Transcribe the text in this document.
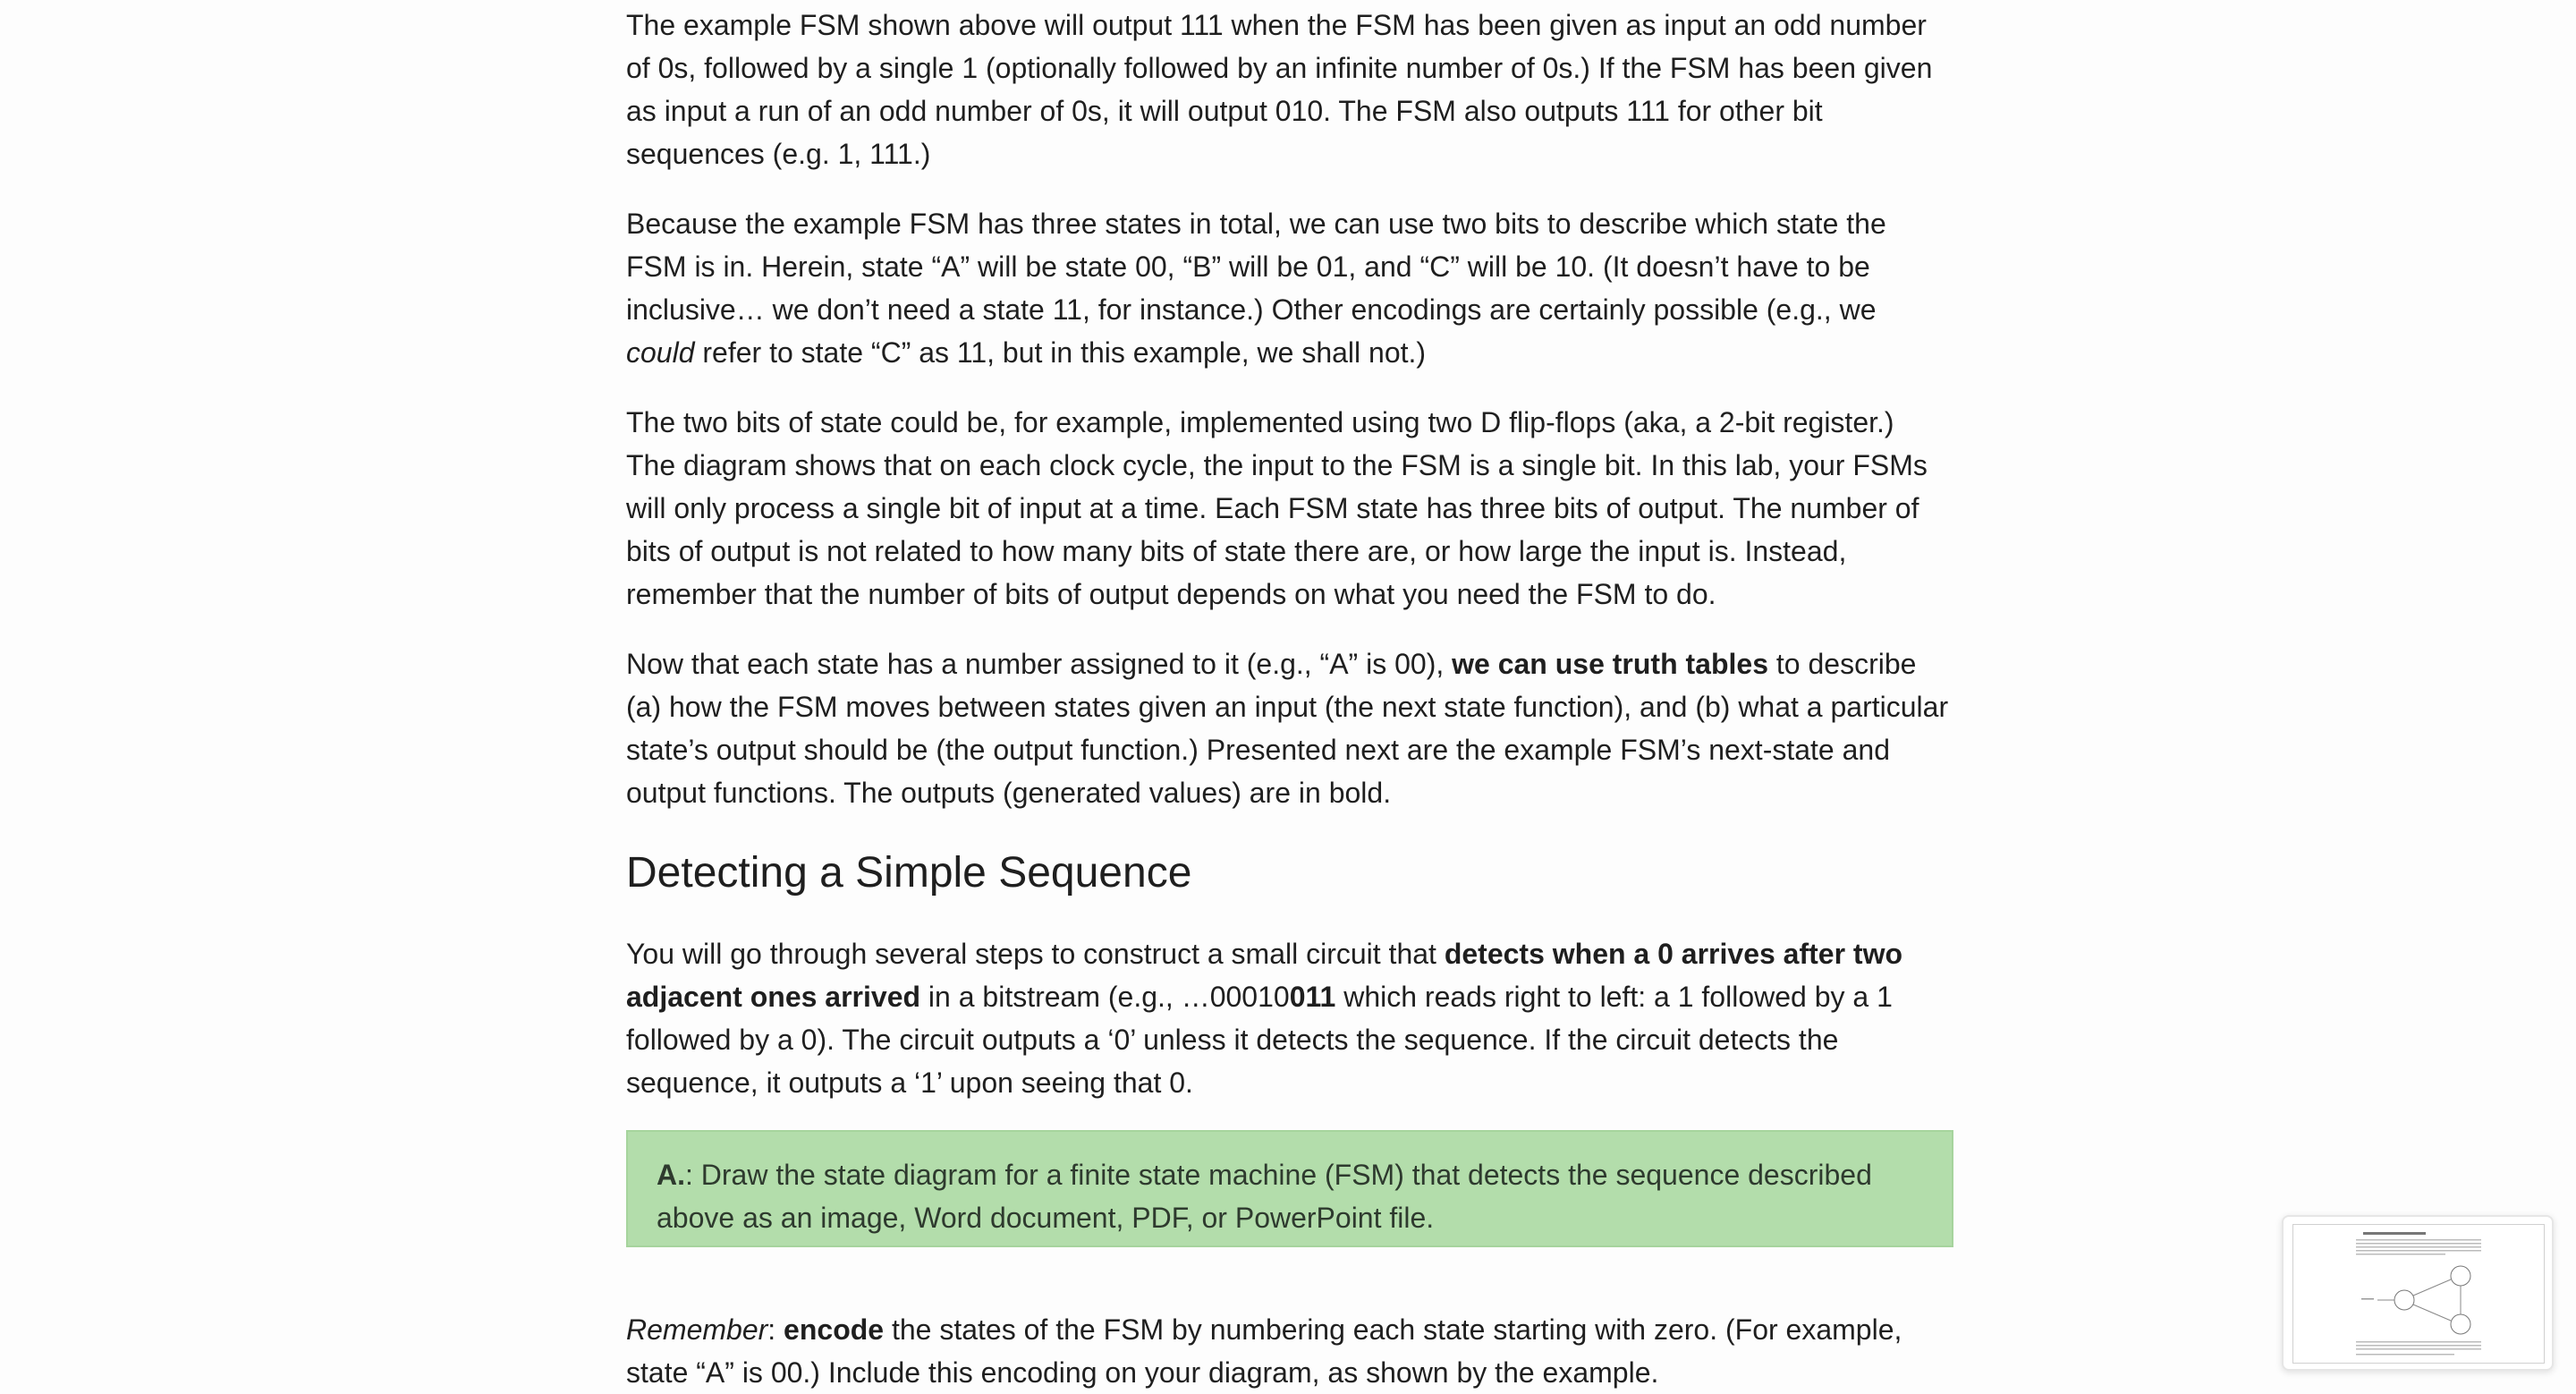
The example FSM shown above will output 111 when the FSM has been given as input an odd number of 0s, followed by a single 1 (optionally followed by an infinite number of 0s.) If the FSM has been given as input a run of an odd number of 0s, it will output 010. The FSM also outputs 111 for other bit sequences (e.g. 1, 111.)

Because the example FSM has three states in total, we can use two bits to describe which state the FSM is in. Herein, state “A” will be state 00, “B” will be 01, and “C” will be 10. (It doesn’t have to be inclusive… we don’t need a state 11, for instance.) Other encodings are certainly possible (e.g., we could refer to state “C” as 11, but in this example, we shall not.)

The two bits of state could be, for example, implemented using two D flip-flops (aka, a 2-bit register.) The diagram shows that on each clock cycle, the input to the FSM is a single bit. In this lab, your FSMs will only process a single bit of input at a time. Each FSM state has three bits of output. The number of bits of output is not related to how many bits of state there are, or how large the input is. Instead, remember that the number of bits of output depends on what you need the FSM to do.

Now that each state has a number assigned to it (e.g., “A” is 00), we can use truth tables to describe (a) how the FSM moves between states given an input (the next state function), and (b) what a particular state’s output should be (the output function.) Presented next are the example FSM’s next-state and output functions. The outputs (generated values) are in bold.

Detecting a Simple Sequence

You will go through several steps to construct a small circuit that detects when a 0 arrives after two adjacent ones arrived in a bitstream (e.g., …00010011 which reads right to left: a 1 followed by a 1 followed by a 0). The circuit outputs a ‘0’ unless it detects the sequence. If the circuit detects the sequence, it outputs a ‘1’ upon seeing that 0.

A.: Draw the state diagram for a finite state machine (FSM) that detects the sequence described above as an image, Word document, PDF, or PowerPoint file.

Remember: encode the states of the FSM by numbering each state starting with zero. (For example, state “A” is 00.) Include this encoding on your diagram, as shown by the example.
